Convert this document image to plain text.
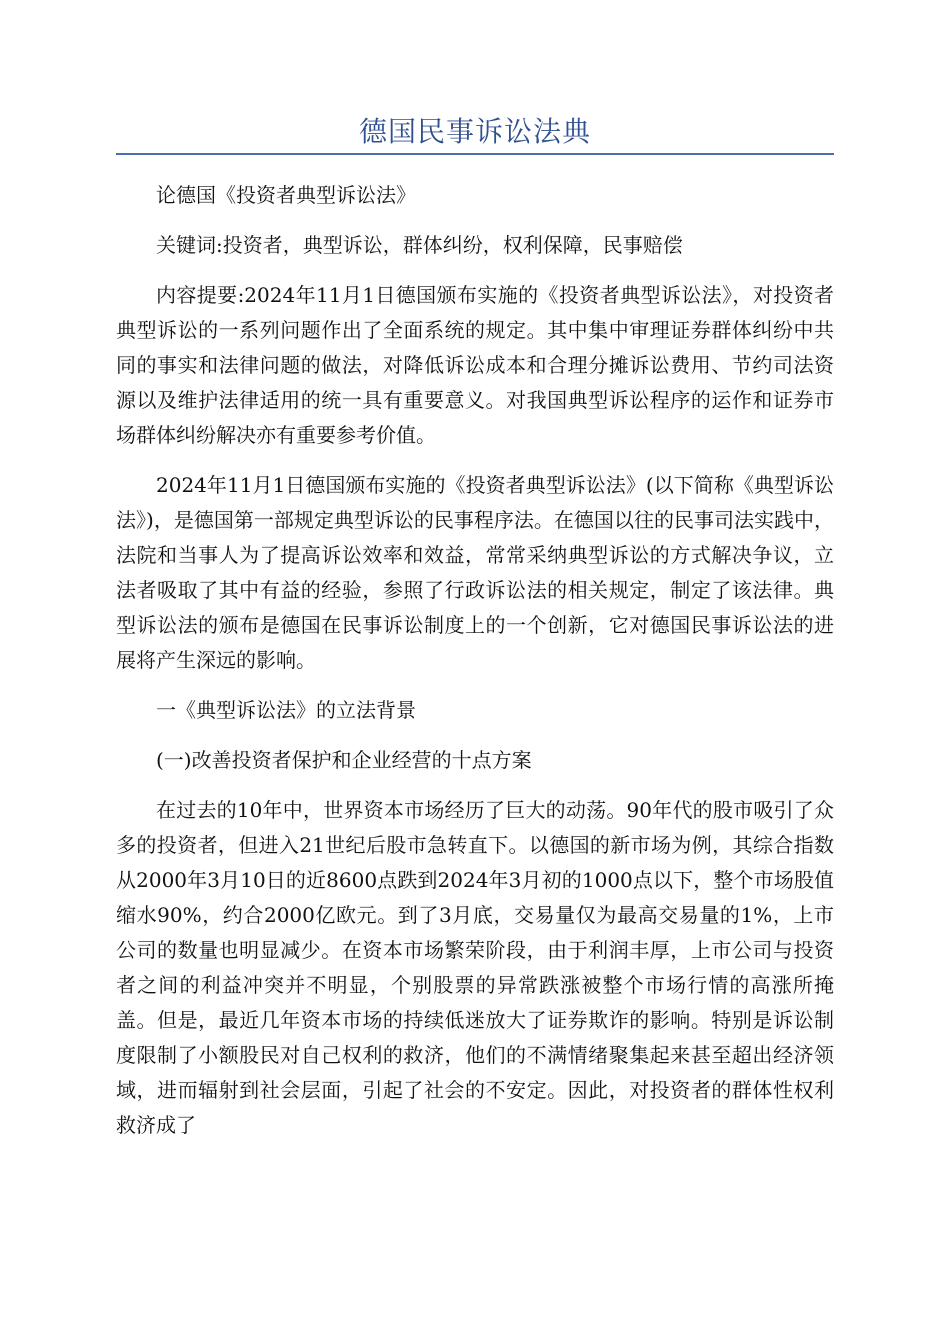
德国民事诉讼法典

论德国《投资者典型诉讼法》

关键词:投资者，典型诉讼，群体纠纷，权利保障，民事赔偿

内容提要:2024年11月1日德国颁布实施的《投资者典型诉讼法》，对投资者典型诉讼的一系列问题作出了全面系统的规定。其中集中审理证券群体纠纷中共同的事实和法律问题的做法，对降低诉讼成本和合理分摊诉讼费用、节约司法资源以及维护法律适用的统一具有重要意义。对我国典型诉讼程序的运作和证券市场群体纠纷解决亦有重要参考价值。

2024年11月1日德国颁布实施的《投资者典型诉讼法》(以下简称《典型诉讼法》)，是德国第一部规定典型诉讼的民事程序法。在德国以往的民事司法实践中，法院和当事人为了提高诉讼效率和效益，常常采纳典型诉讼的方式解决争议，立法者吸取了其中有益的经验，参照了行政诉讼法的相关规定，制定了该法律。典型诉讼法的颁布是德国在民事诉讼制度上的一个创新，它对德国民事诉讼法的进展将产生深远的影响。

一《典型诉讼法》的立法背景

(一)改善投资者保护和企业经营的十点方案

在过去的10年中，世界资本市场经历了巨大的动荡。90年代的股市吸引了众多的投资者，但进入21世纪后股市急转直下。以德国的新市场为例，其综合指数从2000年3月10日的近8600点跌到2024年3月初的1000点以下，整个市场股值缩水90%，约合2000亿欧元。到了3月底，交易量仅为最高交易量的1%，上市公司的数量也明显减少。在资本市场繁荣阶段，由于利润丰厚，上市公司与投资者之间的利益冲突并不明显，个别股票的异常跌涨被整个市场行情的高涨所掩盖。但是，最近几年资本市场的持续低迷放大了证券欺诈的影响。特别是诉讼制度限制了小额股民对自己权利的救济，他们的不满情绪聚集起来甚至超出经济领域，进而辐射到社会层面，引起了社会的不安定。因此，对投资者的群体性权利救济成了
